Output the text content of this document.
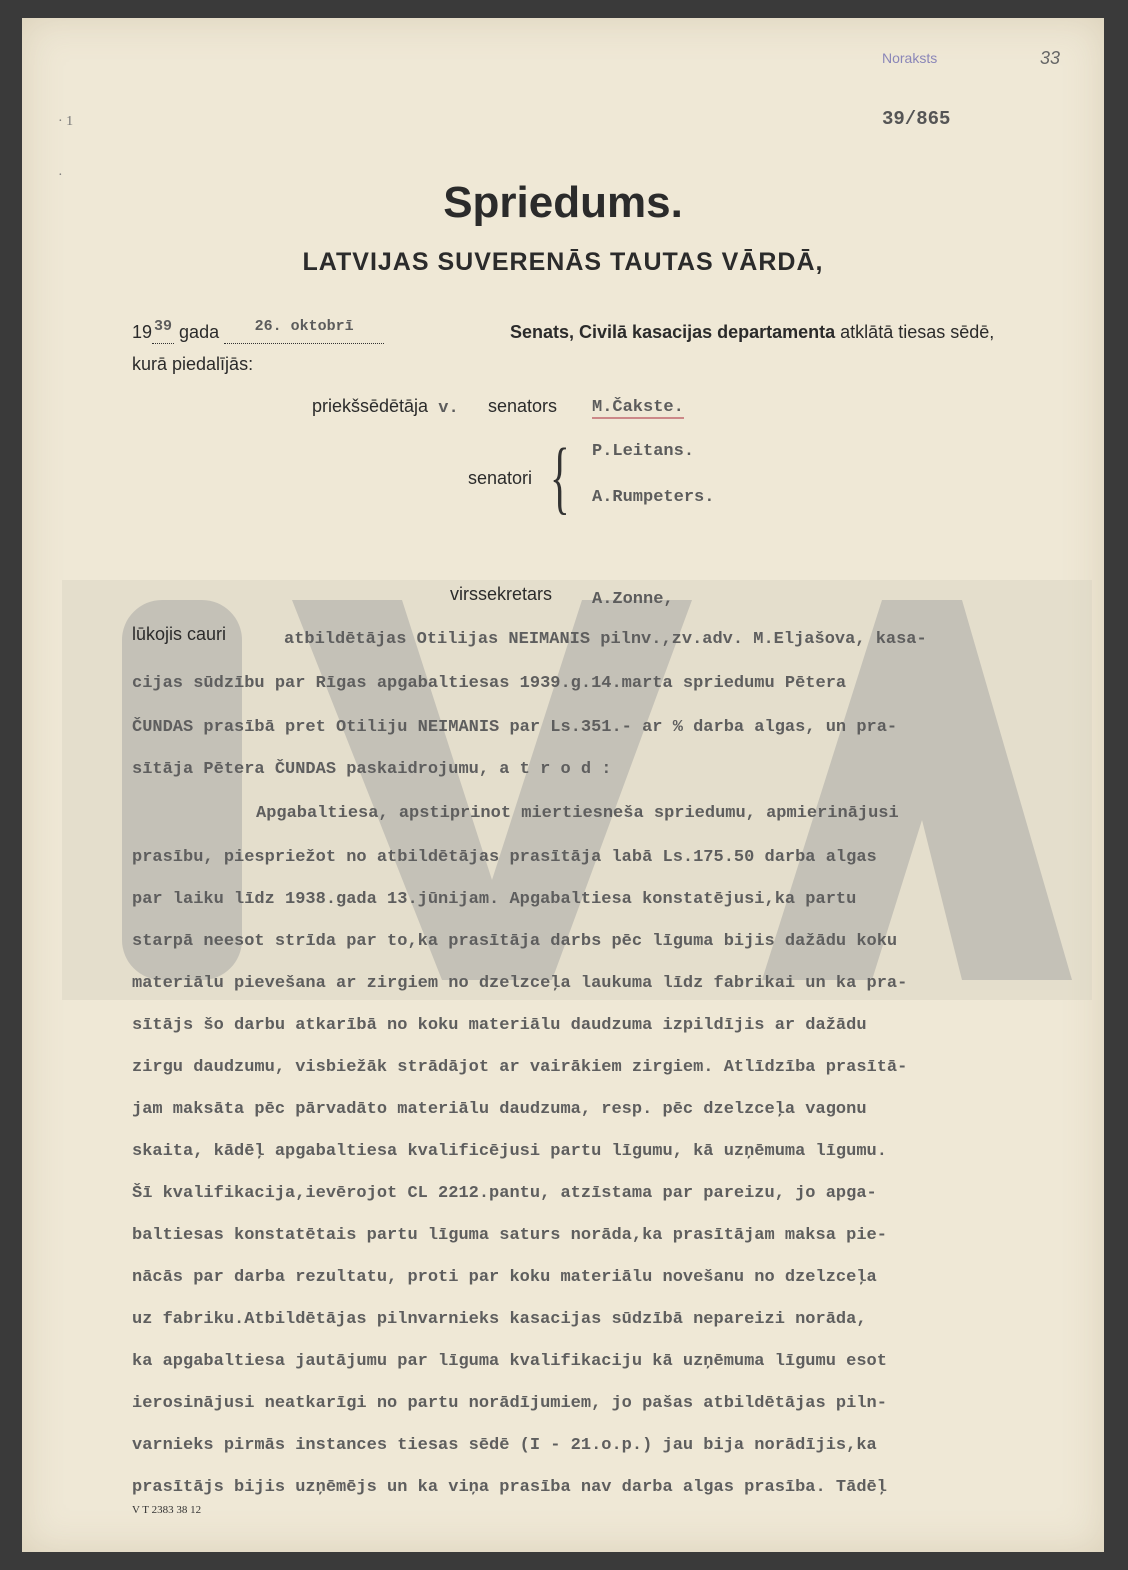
Noraksts	33
· 1
·
39/865
Spriedums.
LATVIJAS SUVERENĀS TAUTAS VĀRDĀ,
19 $^{39}$ gada $^{26. oktobrī}$	Senats, Civilā kasacijas departamenta atklātā tiesas sēdē,
kurā piedalījās:
priekšsēdētāja v. senators M.Čakste.
senatori { P.Leitans.
A.Rumpeters.
virssekretars A.Zonne,
lūkojis cauri	atbildētājas Otilijas NEIMANIS pilnv.,zv.adv. M.Eljašova, kasa-
cijas sūdzību par Rīgas apgabaltiesas 1939.g.14.marta spriedumu Pētera
ČUNDAS prasībā pret Otiliju NEIMANIS par Ls.351.- ar % darba algas, un pra-
sītāja Pētera ČUNDAS paskaidrojumu, a t r o d :
Apgabaltiesa, apstiprinot miertiesneša spriedumu, apmierinājusi
prasību, piespriežot no atbildētājas prasītāja labā Ls.175.50 darba algas
par laiku līdz 1938.gada 13.jūnijam. Apgabaltiesa konstatējusi,ka partu
starpā neesot strīda par to,ka prasītāja darbs pēc līguma bijis dažādu koku
materiālu pievešana ar zirgiem no dzelzceļa laukuma līdz fabrikai un ka pra-
sītājs šo darbu atkarībā no koku materiālu daudzuma izpildījis ar dažādu
zirgu daudzumu, visbiežāk strādājot ar vairākiem zirgiem. Atlīdzība prasītā-
jam maksāta pēc pārvadāto materiālu daudzuma, resp. pēc dzelzceļa vagonu
skaita, kādēļ apgabaltiesa kvalificējusi partu līgumu, kā uzņēmuma līgumu.
Šī kvalifikacija,ievērojot CL 2212.pantu, atzīstama par pareizu, jo apga-
baltiesas konstatētais partu līguma saturs norāda,ka prasītājam maksa pie-
nācās par darba rezultatu, proti par koku materiālu novešanu no dzelzceļa
uz fabriku.Atbildētājas pilnvarnieks kasacijas sūdzībā nepareizi norāda,
ka apgabaltiesa jautājumu par līguma kvalifikaciju kā uzņēmuma līgumu esot
ierosinājusi neatkarīgi no partu norādījumiem, jo pašas atbildētājas piln-
varnieks pirmās instances tiesas sēdē (I - 21.o.p.) jau bija norādījis,ka
prasītājs bijis uzņēmējs un ka viņa prasība nav darba algas prasība. Tādēļ
V T 2383 38 12
